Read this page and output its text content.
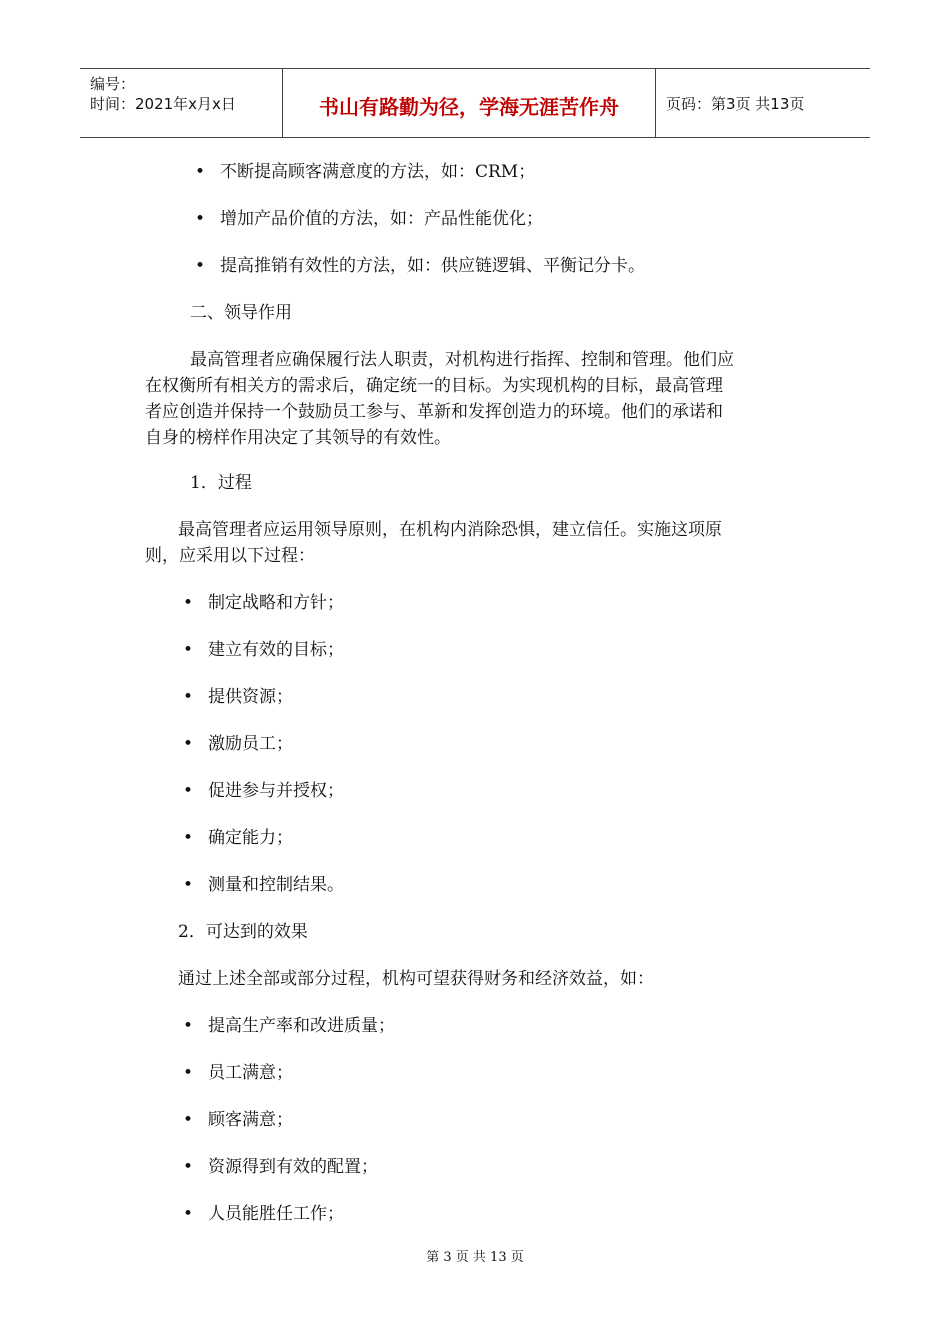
编号：
时间：2021年x月x日	书山有路勤为径，学海无涯苦作舟	页码：第3页 共13页
• 不断提高顾客满意度的方法，如：CRM；
• 增加产品价值的方法，如：产品性能优化；
• 提高推销有效性的方法，如：供应链逻辑、平衡记分卡。
二、领导作用
最高管理者应确保履行法人职责，对机构进行指挥、控制和管理。他们应
在权衡所有相关方的需求后，确定统一的目标。为实现机构的目标，最高管理
者应创造并保持一个鼓励员工参与、革新和发挥创造力的环境。他们的承诺和
自身的榜样作用决定了其领导的有效性。
1．过程
最高管理者应运用领导原则，在机构内消除恐惧，建立信任。实施这项原
则，应采用以下过程：
• 制定战略和方针；
• 建立有效的目标；
• 提供资源；
• 激励员工；
• 促进参与并授权；
• 确定能力；
• 测量和控制结果。
2．可达到的效果
通过上述全部或部分过程，机构可望获得财务和经济效益，如：
• 提高生产率和改进质量；
• 员工满意；
• 顾客满意；
• 资源得到有效的配置；
• 人员能胜任工作；
第 3 页 共 13 页
